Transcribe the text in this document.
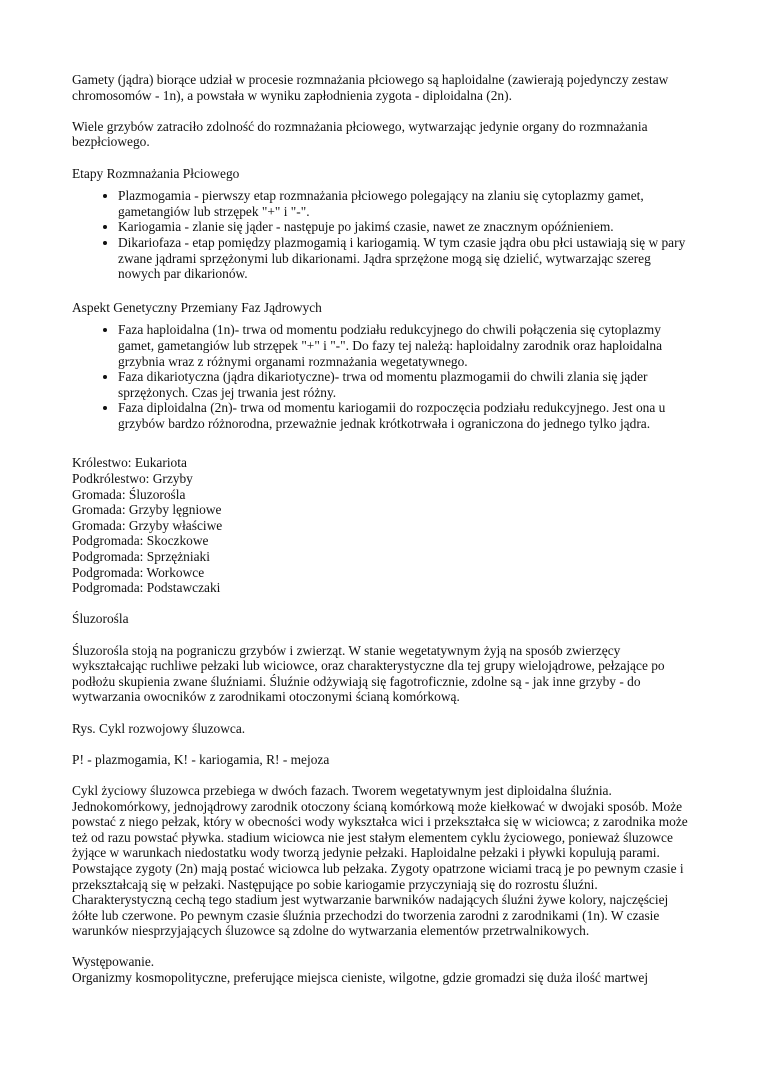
Gamety (jądra) biorące udział w procesie rozmnażania płciowego są haploidalne (zawierają pojedynczy zestaw chromosomów - 1n), a powstała w wyniku zapłodnienia zygota - diploidalna (2n).

Wiele grzybów zatraciło zdolność do rozmnażania płciowego, wytwarzając jedynie organy do rozmnażania bezpłciowego.

Etapy Rozmnażania Płciowego

• Plazmogamia - pierwszy etap rozmnażania płciowego polegający na zlaniu się cytoplazmy gamet, gametangiów lub strzępek "+" i "-".
• Kariogamia - zlanie się jąder - następuje po jakimś czasie, nawet ze znacznym opóźnieniem.
• Dikariofaza - etap pomiędzy plazmogamią i kariogamią. W tym czasie jądra obu płci ustawiają się w pary zwane jądrami sprzężonymi lub dikarionami. Jądra sprzężone mogą się dzielić, wytwarzając szereg nowych par dikarionów.

Aspekt Genetyczny Przemiany Faz Jądrowych

• Faza haploidalna (1n)- trwa od momentu podziału redukcyjnego do chwili połączenia się cytoplazmy gamet, gametangiów lub strzępek "+" i "-". Do fazy tej należą: haploidalny zarodnik oraz haploidalna grzybnia wraz z różnymi organami rozmnażania wegetatywnego.
• Faza dikariotyczna (jądra dikariotyczne)- trwa od momentu plazmogamii do chwili zlania się jąder sprzężonych. Czas jej trwania jest różny.
• Faza diploidalna (2n)- trwa od momentu kariogamii do rozpoczęcia podziału redukcyjnego. Jest ona u grzybów bardzo różnorodna, przeważnie jednak krótkotrwała i ograniczona do jednego tylko jądra.
Królestwo: Eukariota
Podkrólestwo: Grzyby
Gromada: Śluzorośla
Gromada: Grzyby lęgniowe
Gromada: Grzyby właściwe
Podgromada: Skoczkowe
Podgromada: Sprzężniaki
Podgromada: Workowce
Podgromada: Podstawczaki

Śluzorośla

Śluzorośla stoją na pograniczu grzybów i zwierząt. W stanie wegetatywnym żyją na sposób zwierzęcy wykształcając ruchliwe pełzaki lub wiciowce, oraz charakterystyczne dla tej grupy wielojądrowe, pełzające po podłożu skupienia zwane śluźniami. Śluźnie odżywiają się fagotroficznie, zdolne są - jak inne grzyby - do wytwarzania owocników z zarodnikami otoczonymi ścianą komórkową.

Rys. Cykl rozwojowy śluzowca.

P! - plazmogamia, K! - kariogamia, R! - mejoza

Cykl życiowy śluzowca przebiega w dwóch fazach. Tworem wegetatywnym jest diploidalna śluźnia. Jednokomórkowy, jednojądrowy zarodnik otoczony ścianą komórkową może kiełkować w dwojaki sposób. Może powstać z niego pełzak, który w obecności wody wykształca wici i przekształca się w wiciowca; z zarodnika może też od razu powstać pływka. stadium wiciowca nie jest stałym elementem cyklu życiowego, ponieważ śluzowce żyjące w warunkach niedostatku wody tworzą jedynie pełzaki. Haploidalne pełzaki i pływki kopulują parami. Powstające zygoty (2n) mają postać wiciowca lub pełzaka. Zygoty opatrzone wiciami tracą je po pewnym czasie i przekształcają się w pełzaki. Następujące po sobie kariogamie przyczyniają się do rozrostu śluźni. Charakterystyczną cechą tego stadium jest wytwarzanie barwników nadających śluźni żywe kolory, najczęściej żółte lub czerwone. Po pewnym czasie śluźnia przechodzi do tworzenia zarodni z zarodnikami (1n). W czasie warunków niesprzyjających śluzowce są zdolne do wytwarzania elementów przetrwalnikowych.

Występowanie.

Organizmy kosmopolityczne, preferujące miejsca cieniste, wilgotne, gdzie gromadzi się duża ilość martwej
